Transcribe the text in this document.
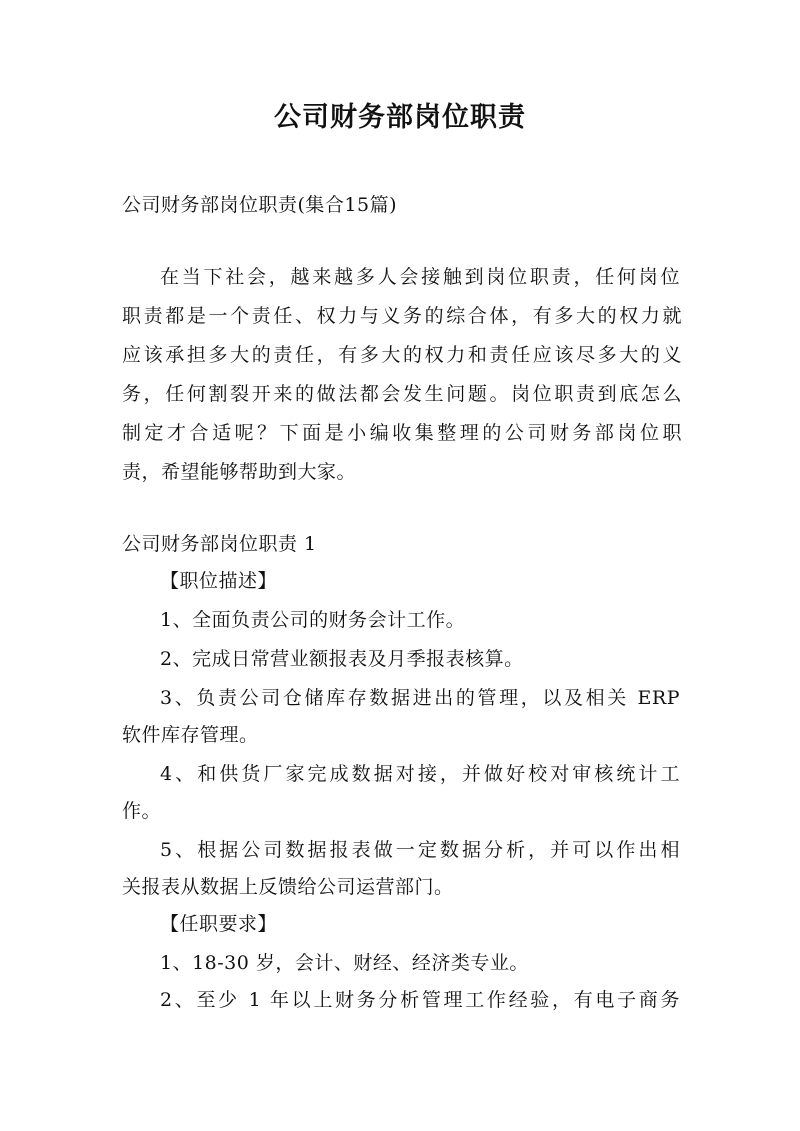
公司财务部岗位职责
公司财务部岗位职责(集合15篇)
在当下社会，越来越多人会接触到岗位职责，任何岗位
职责都是一个责任、权力与义务的综合体，有多大的权力就
应该承担多大的责任，有多大的权力和责任应该尽多大的义
务，任何割裂开来的做法都会发生问题。岗位职责到底怎么
制定才合适呢？下面是小编收集整理的公司财务部岗位职
责，希望能够帮助到大家。
公司财务部岗位职责 1
【职位描述】
1、全面负责公司的财务会计工作。
2、完成日常营业额报表及月季报表核算。
3、负责公司仓储库存数据进出的管理，以及相关 ERP
软件库存管理。
4、和供货厂家完成数据对接，并做好校对审核统计工
作。
5、根据公司数据报表做一定数据分析，并可以作出相
关报表从数据上反馈给公司运营部门。
【任职要求】
1、18-30 岁，会计、财经、经济类专业。
2、至少 1 年以上财务分析管理工作经验，有电子商务
